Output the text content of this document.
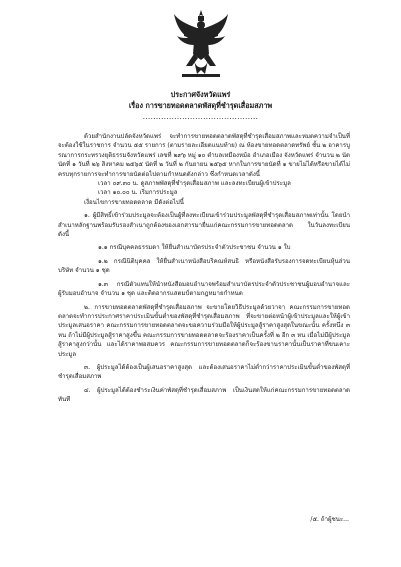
ประกาศจังหวัดแพร่
เรื่อง การขายทอดตลาดพัสดุที่ชำรุดเสื่อมสภาพ
............................................

ด้วยสำนักงานปลัดจังหวัดแพร่ จะทำการขายทอดตลาดพัสดุที่ชำรุดเสื่อมสภาพและหมดความจำเป็นที่จะต้องใช้ในราชการ จำนวน ๕๕ รายการ (ตามรายละเอียดแนบท้าย) ณ ห้องขายทอดตลาดทรัพย์ ชั้น ๒ อาคารบูรณาการกระทรวงยุติธรรมจังหวัดแพร่ เลขที่ ๒๙๖ หมู่ ๑๐ ตำบลเหมืองหม้อ อำเภอเมือง จังหวัดแพร่ จำนวน ๒ นัด นัดที่ ๑ วันที่ ๒๖ สิงหาคม ๒๕๖๕ นัดที่ ๒ วันที่ ๒ กันยายน ๒๕๖๕ หากในการขายนัดที่ ๑ ขายไม่ได้หรือขายได้ไม่ครบทุกรายการจะทำการขายนัดต่อไปตามกำหนดดังกล่าว ซึ่งกำหนดเวลาดังนี้

เวลา ๐๙.๓๐ น. ดูสภาพพัสดุที่ชำรุดเสื่อมสภาพ และลงทะเบียนผู้เข้าประมูล

เวลา ๑๐.๐๐ น. เริ่มการประมูล

เงื่อนไขการขายทอดตลาด มีดังต่อไปนี้

๑. ผู้มีสิทธิ์เข้าร่วมประมูลจะต้องเป็นผู้ที่ลงทะเบียนเข้าร่วมประมูลพัสดุที่ชำรุดเสื่อมสภาพเท่านั้น โดยนำสำเนาหลักฐานพร้อมรับรองสำเนาถูกต้องของเอกสารมายื่นแก่คณะกรรมการขายทอดตลาด ในวันลงทะเบียน ดังนี้

๑.๑ กรณีบุคคลธรรมดา ให้ยื่นสำเนาบัตรประจำตัวประชาชน จำนวน ๑ ใบ

๑.๒ กรณีนิติบุคคล ให้ยื่นสำเนาหนังสือบริคณห์สนธิ หรือหนังสือรับรองการจดทะเบียนหุ้นส่วนบริษัท จำนวน ๑ ชุด

๑.๓ กรณีตัวแทนให้นำหนังสือมอบอำนาจพร้อมสำเนาบัตรประจำตัวประชาชนผู้มอบอำนาจและผู้รับมอบอำนาจ จำนวน ๑ ชุด และติดอากรแสตมป์ตามกฎหมายกำหนด

๒. การขายทอดตลาดพัสดุที่ชำรุดเสื่อมสภาพ จะขายโดยวิธีประมูลด้วยวาจา คณะกรรมการขายทอดตลาดจะทำการประกาศราคาประเมินขั้นต่ำของพัสดุที่ชำรุดเสื่อมสภาพ ที่จะขายต่อหน้าผู้เข้าประมูลและให้ผู้เข้าประมูลเสนอราคา คณะกรรมการขายทอดตลาดจะขอความร่วมมือให้ผู้ประมูลสู้ราคาสูงสุดในขณะนั้น ครั้งหนึ่ง ๓ หน ถ้าไม่มีผู้ประมูลสู้ราคาสูงขึ้น คณะกรรมการขายทอดตลาดจะร้องราคาเป็นครั้งที่ ๒ อีก ๓ หน เมื่อไม่มีผู้ประมูลสู้ราคาสูงกว่านั้น และได้ราคาพอสมควร คณะกรรมการขายทอดตลาดก็จะร้องขานราคานั้นเป็นราคาที่ขนเคาะประมูล

๓. ผู้ประมูลได้ต้องเป็นผู้เสนอราคาสูงสุด และต้องเสนอราคาไม่ต่ำกว่าราคาประเมินขั้นต่ำของพัสดุที่ชำรุดเสื่อมสภาพ

๔. ผู้ประมูลได้ต้องชำระเงินค่าพัสดุที่ชำรุดเสื่อมสภาพ เป็นเงินสดให้แก่คณะกรรมการขายทอดตลาดทันที

/๕. ถ้าผู้ชนะ...
